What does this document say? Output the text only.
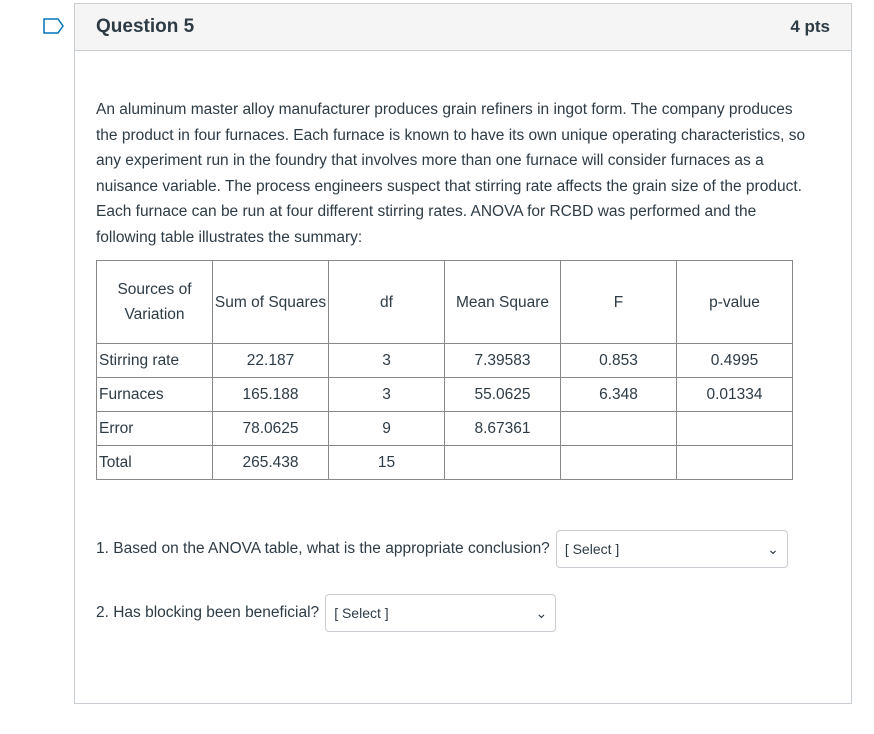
Question 5	4 pts
An aluminum master alloy manufacturer produces grain refiners in ingot form. The company produces the product in four furnaces. Each furnace is known to have its own unique operating characteristics, so any experiment run in the foundry that involves more than one furnace will consider furnaces as a nuisance variable. The process engineers suspect that stirring rate affects the grain size of the product. Each furnace can be run at four different stirring rates. ANOVA for RCBD was performed and the following table illustrates the summary:
Sources of Variation	Sum of Squares	df	Mean Square	F	p-value
Stirring rate	22.187	3	7.39583	0.853	0.4995
Furnaces	165.188	3	55.0625	6.348	0.01334
Error	78.0625	9	8.67361		
Total	265.438	15			
1. Based on the ANOVA table, what is the appropriate conclusion? [ Select ]	⌄
2. Has blocking been beneficial? [ Select ]	⌄
